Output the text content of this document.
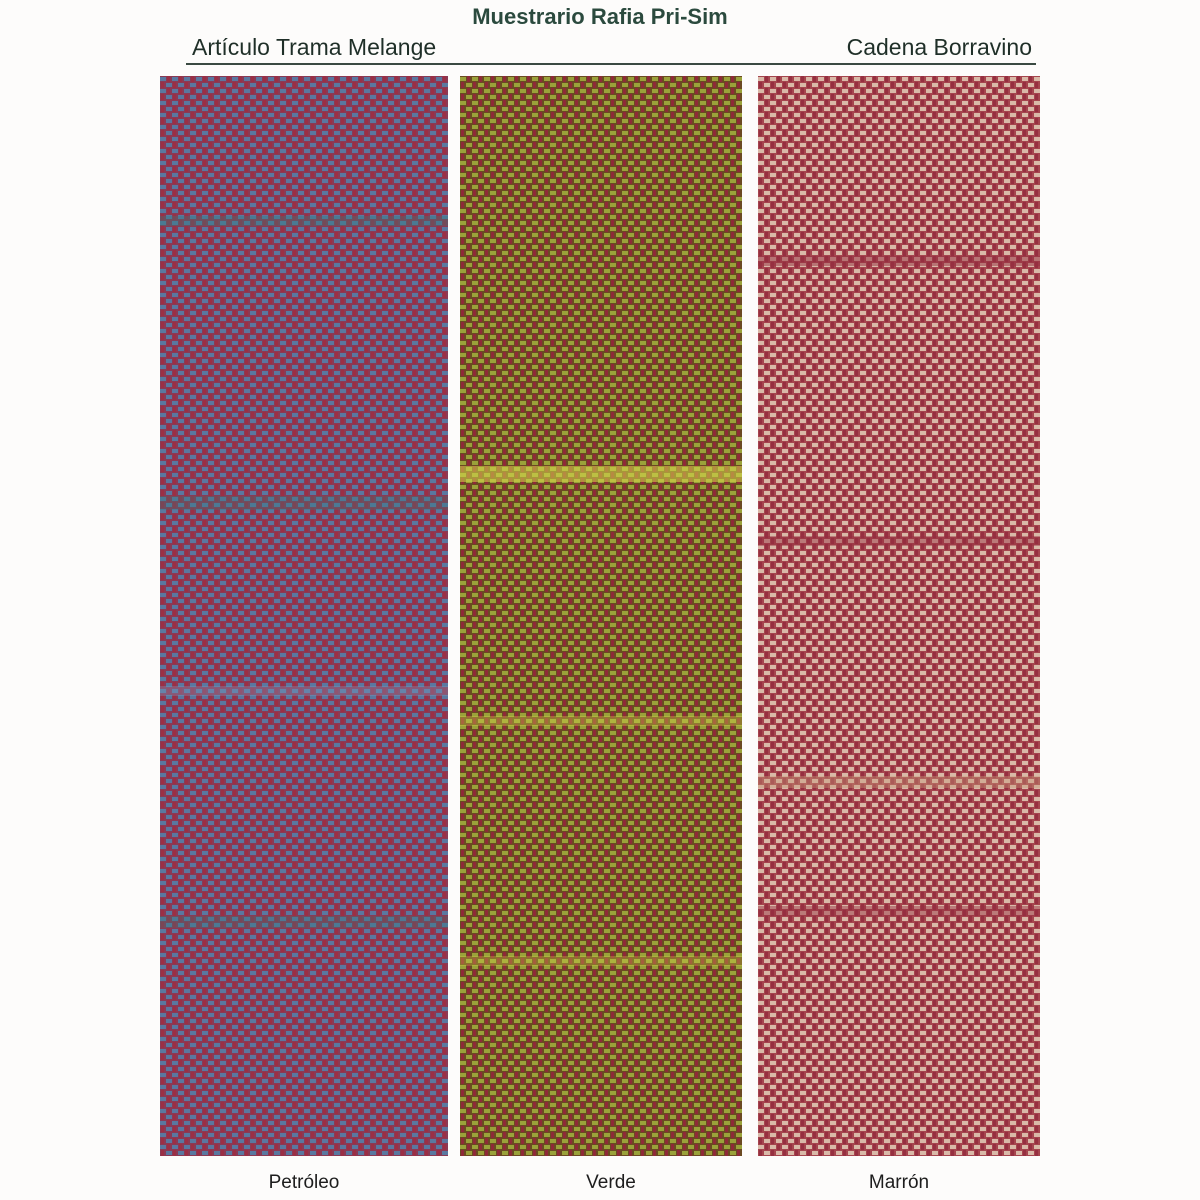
Muestrario Rafia Pri-Sim
Artículo Trama Melange	Cadena Borravino
Petróleo	Verde	Marrón
